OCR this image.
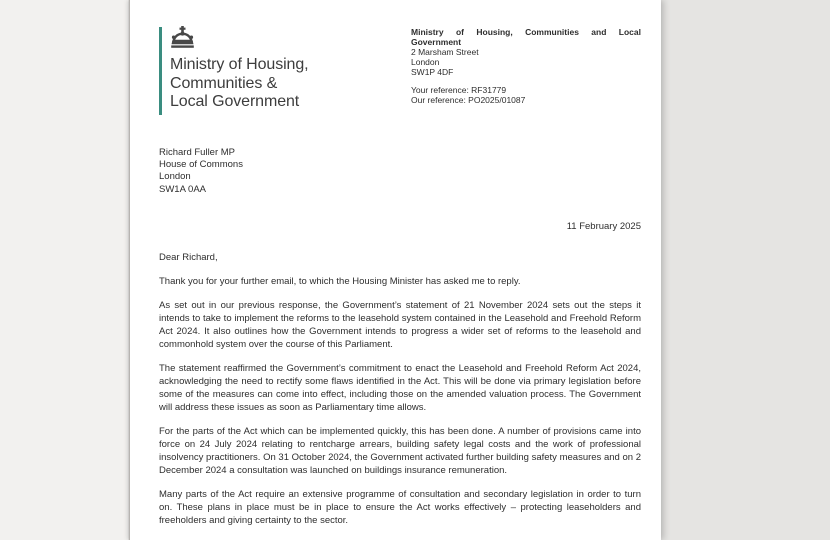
Ministry of Housing,
Communities &
Local Government
Ministry of Housing, Communities and Local Government
2 Marsham Street
London
SW1P 4DF
Your reference: RF31779
Our reference: PO2025/01087
Richard Fuller MP
House of Commons
London
SW1A 0AA
11 February 2025

Dear Richard,

Thank you for your further email, to which the Housing Minister has asked me to reply.

As set out in our previous response, the Government’s statement of 21 November 2024 sets out the steps it intends to take to implement the reforms to the leasehold system contained in the Leasehold and Freehold Reform Act 2024. It also outlines how the Government intends to progress a wider set of reforms to the leasehold and commonhold system over the course of this Parliament.

The statement reaffirmed the Government’s commitment to enact the Leasehold and Freehold Reform Act 2024, acknowledging the need to rectify some flaws identified in the Act. This will be done via primary legislation before some of the measures can come into effect, including those on the amended valuation process. The Government will address these issues as soon as Parliamentary time allows.

For the parts of the Act which can be implemented quickly, this has been done. A number of provisions came into force on 24 July 2024 relating to rentcharge arrears, building safety legal costs and the work of professional insolvency practitioners. On 31 October 2024, the Government activated further building safety measures and on 2 December 2024 a consultation was launched on buildings insurance remuneration.

Many parts of the Act require an extensive programme of consultation and secondary legislation in order to turn on. These plans in place must be in place to ensure the Act works effectively – protecting leaseholders and freeholders and giving certainty to the sector.
